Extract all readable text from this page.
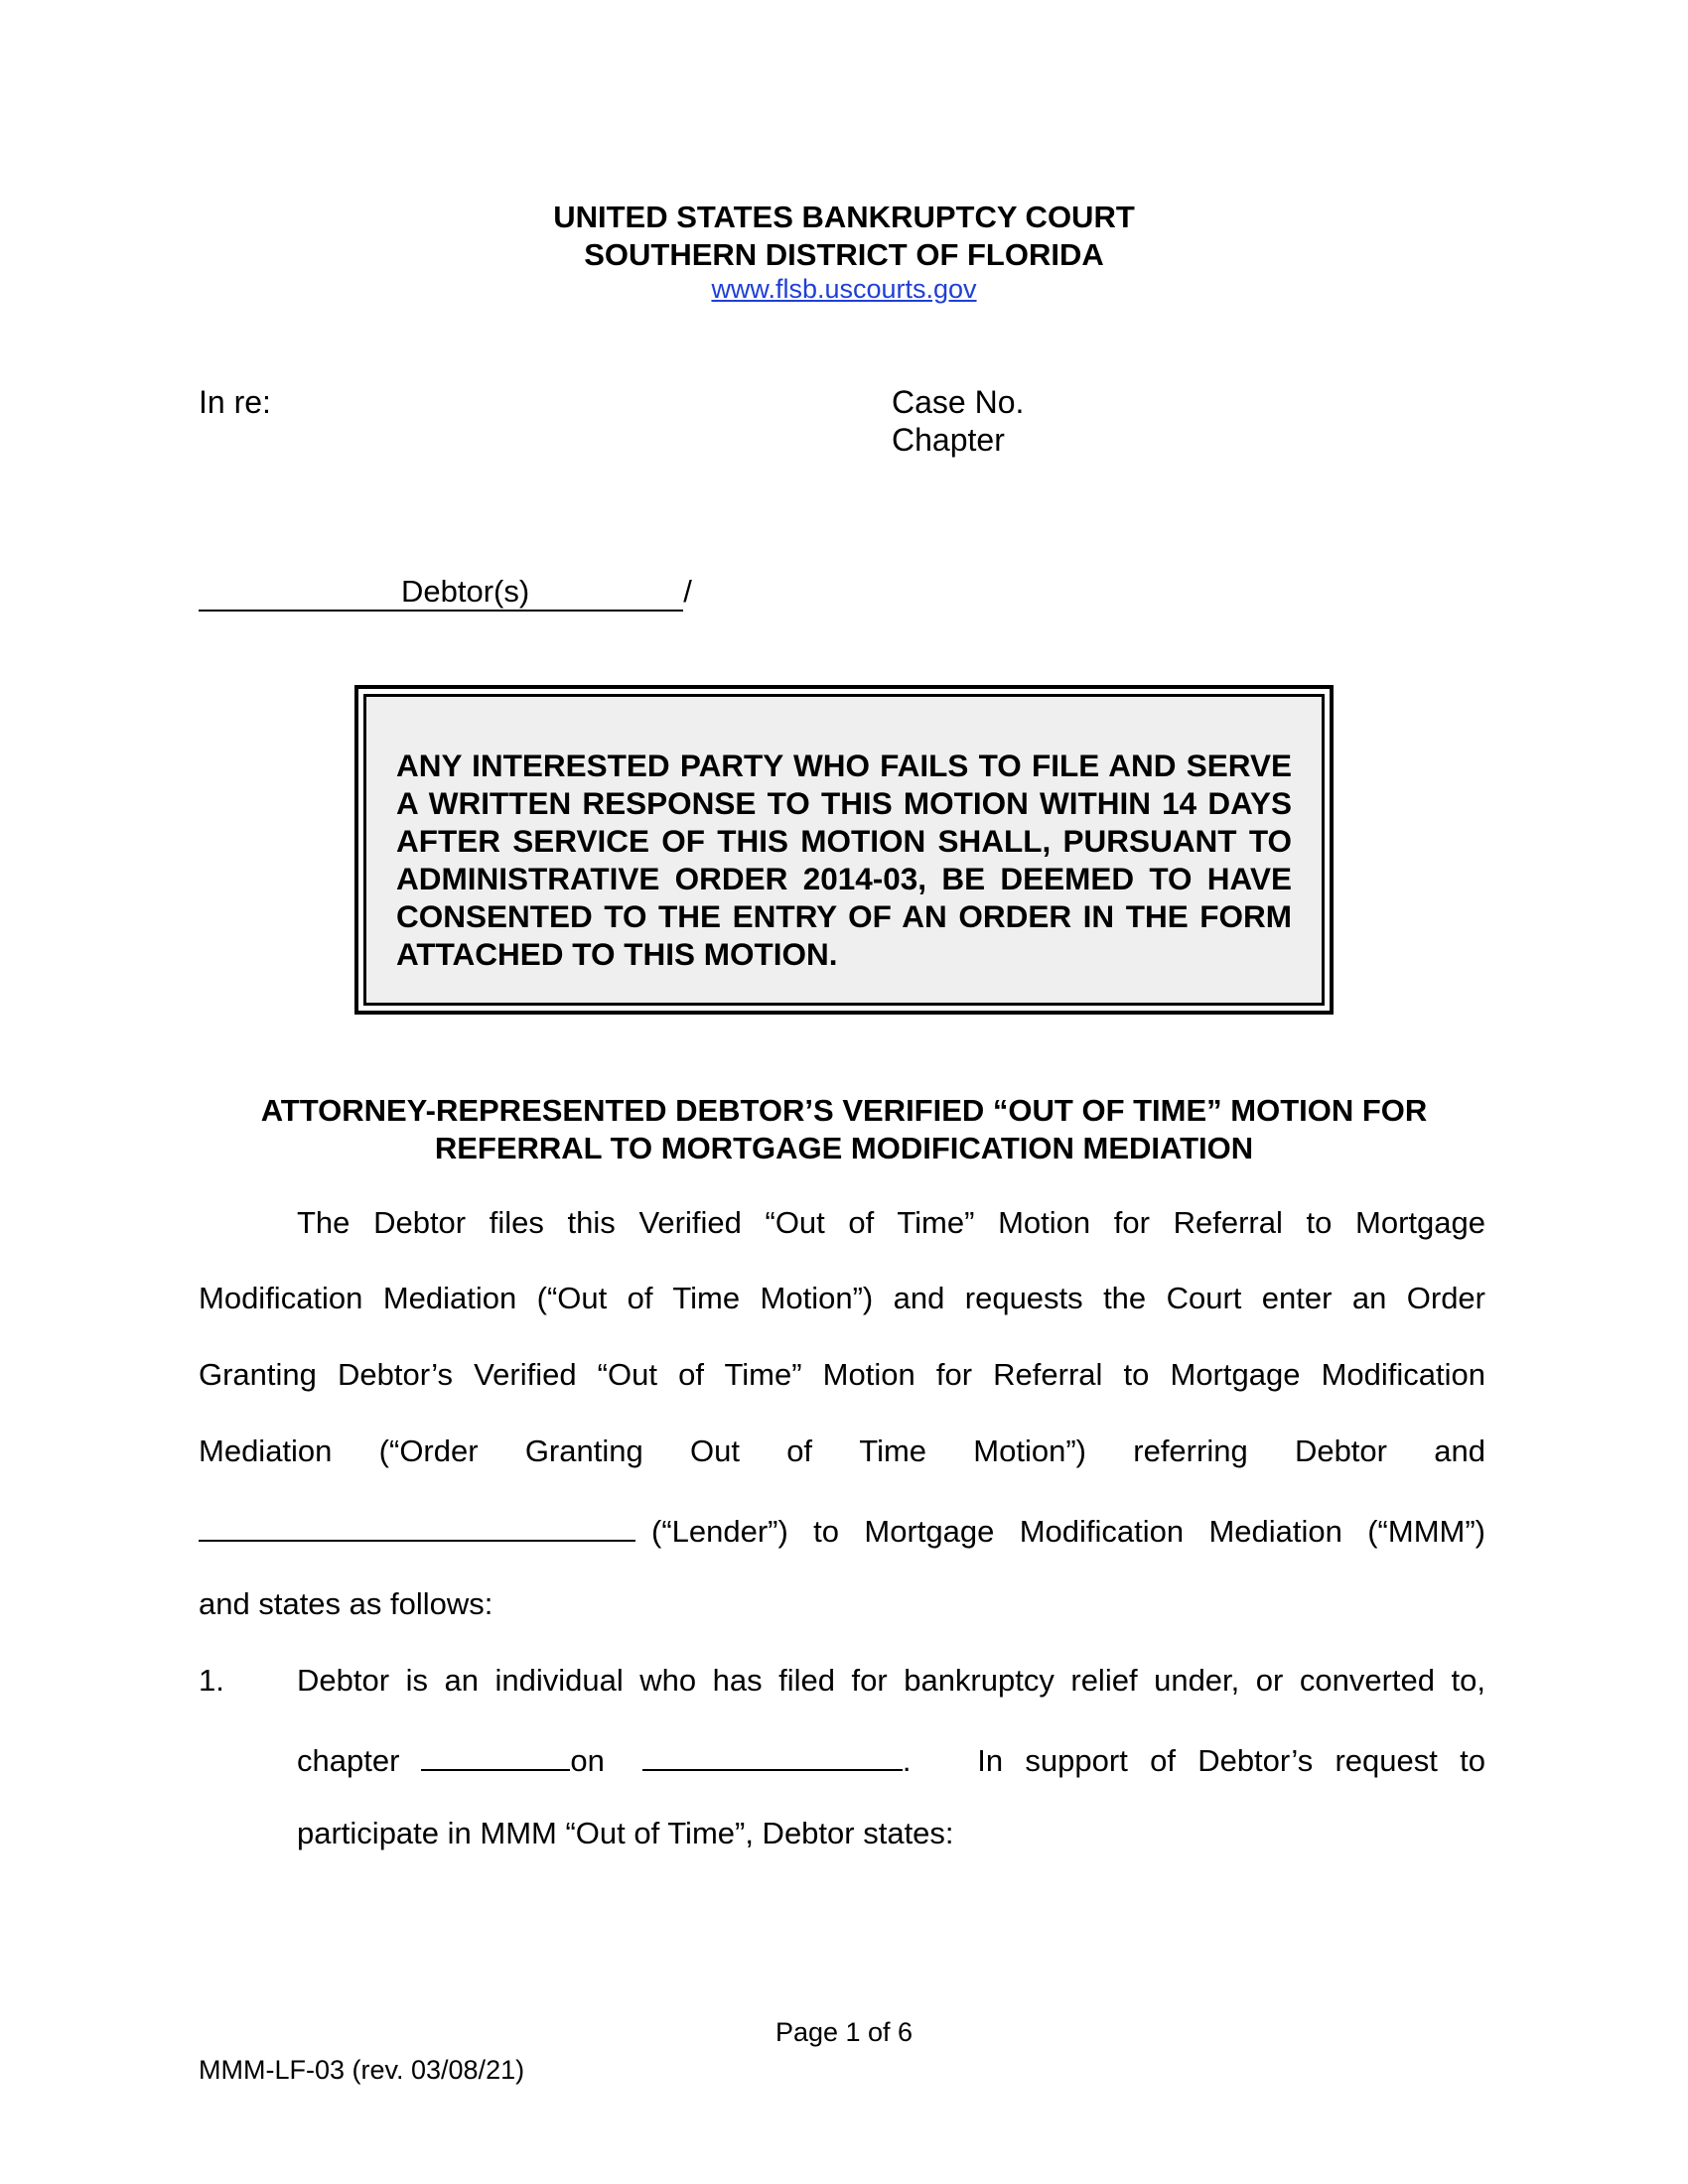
UNITED STATES BANKRUPTCY COURT
SOUTHERN DISTRICT OF FLORIDA
www.flsb.uscourts.gov
In re:	Case No.
Chapter
Debtor(s)	/

ANY INTERESTED PARTY WHO FAILS TO FILE AND SERVE A WRITTEN RESPONSE TO THIS MOTION WITHIN 14 DAYS AFTER SERVICE OF THIS MOTION SHALL, PURSUANT TO ADMINISTRATIVE ORDER 2014-03, BE DEEMED TO HAVE CONSENTED TO THE ENTRY OF AN ORDER IN THE FORM ATTACHED TO THIS MOTION.

ATTORNEY-REPRESENTED DEBTOR’S VERIFIED “OUT OF TIME” MOTION FOR
REFERRAL TO MORTGAGE MODIFICATION MEDIATION
The Debtor files this Verified “Out of Time” Motion for Referral to Mortgage
Modification Mediation (“Out of Time Motion”) and requests the Court enter an Order
Granting Debtor’s Verified “Out of Time” Motion for Referral to Mortgage Modification
Mediation (“Order Granting Out of Time Motion”) referring Debtor and
(“Lender”) to Mortgage Modification Mediation (“MMM”)
and states as follows:
1. Debtor is an individual who has filed for bankruptcy relief under, or converted to,
chapter	on	.   In support of Debtor’s request to
participate in MMM “Out of Time”, Debtor states:
Page 1 of 6
MMM-LF-03 (rev. 03/08/21)
